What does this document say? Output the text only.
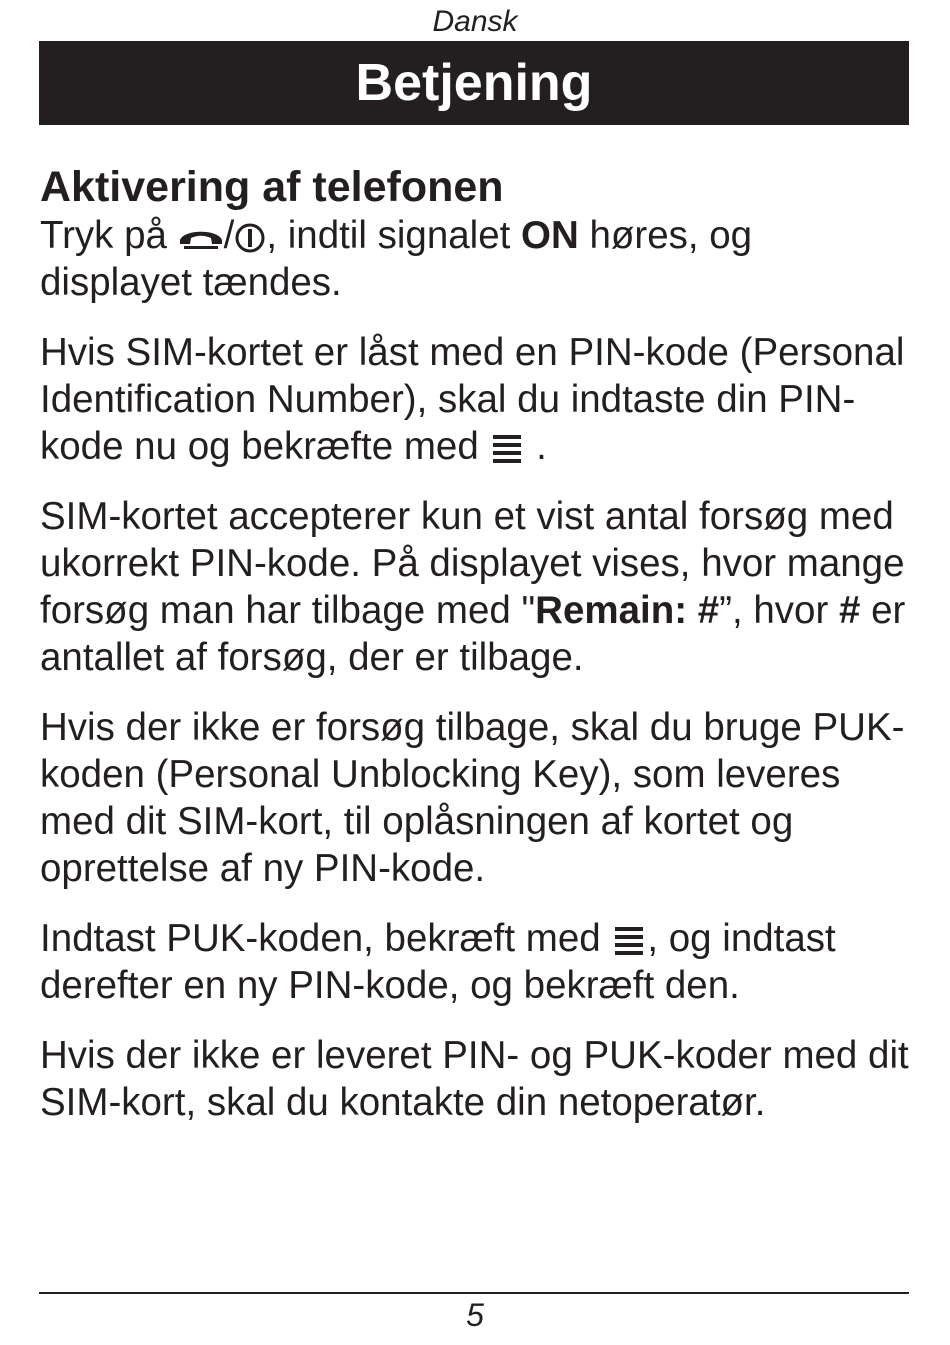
Dansk
Betjening
Aktivering af telefonen

Tryk på
/ , indtil signalet ON høres, og displayet tændes.

Hvis SIM-kortet er låst med en PIN-kode (Personal Identification Number), skal du indtaste din PIN-kode nu og bekræfte med
.

SIM-kortet accepterer kun et vist antal forsøg med ukorrekt PIN-kode. På displayet vises, hvor mange forsøg man har tilbage med "Remain: #”, hvor # er antallet af forsøg, der er tilbage.

Hvis der ikke er forsøg tilbage, skal du bruge PUK-koden (Personal Unblocking Key), som leveres med dit SIM-kort, til oplåsningen af kortet og oprettelse af ny PIN-kode.

Indtast PUK-koden, bekræft med
, og indtast derefter en ny PIN-kode, og bekræft den.

Hvis der ikke er leveret PIN- og PUK-koder med dit SIM-kort, skal du kontakte din netoperatør.

5
